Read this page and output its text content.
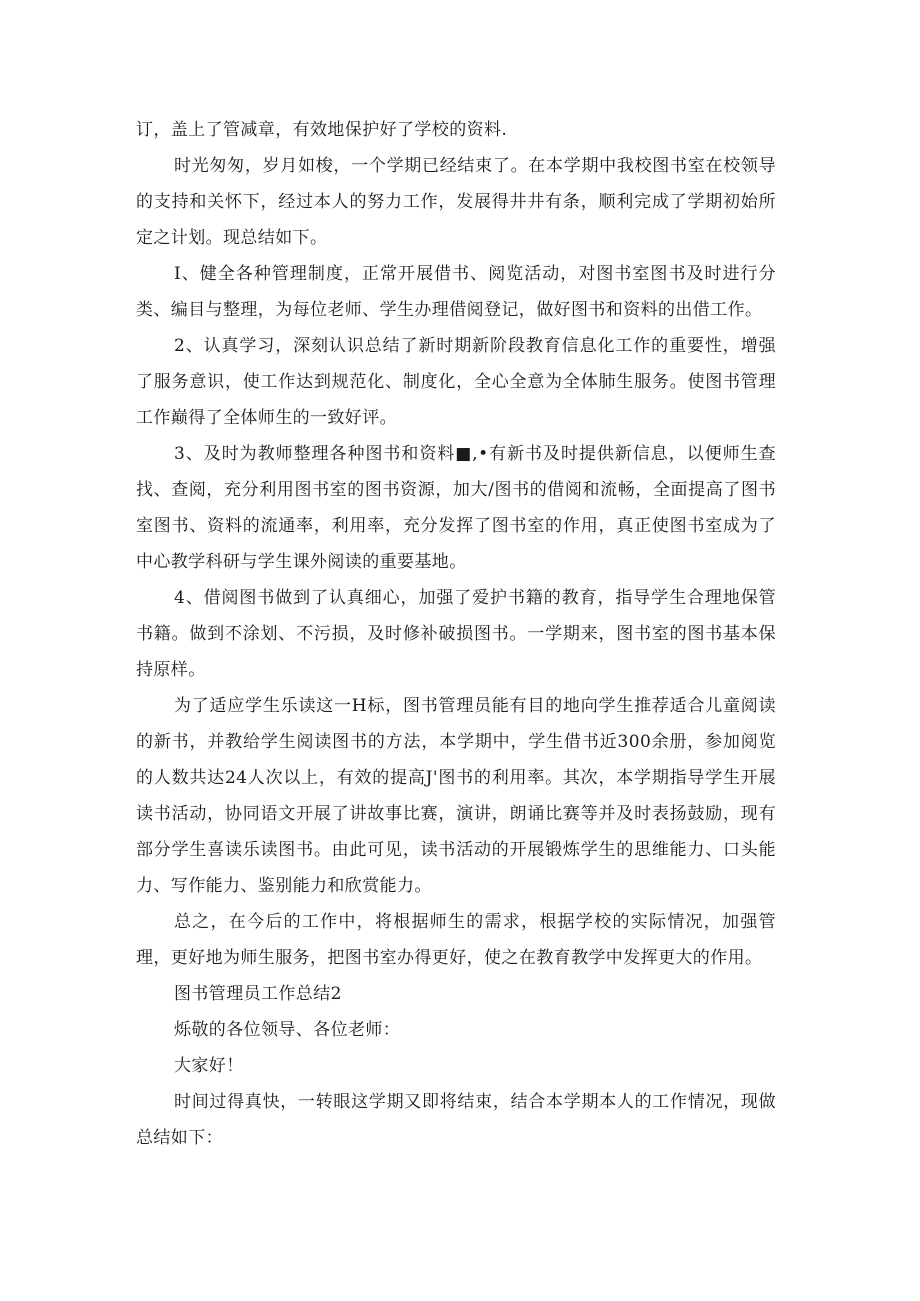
订，盖上了管减章，有效地保护好了学校的资料.

时光匆匆，岁月如梭，一个学期已经结束了。在本学期中我校图书室在校领导的支持和关怀下，经过本人的努力工作，发展得井井有条，顺利完成了学期初始所定之计划。现总结如下。

I、健全各种管理制度，正常开展借书、阅览活动，对图书室图书及时进行分类、编目与整理，为每位老师、学生办理借阅登记，做好图书和资料的出借工作。

2、认真学习，深刻认识总结了新时期新阶段教育信息化工作的重要性，增强了服务意识，使工作达到规范化、制度化，全心全意为全体肺生服务。使图书管理工作巅得了全体师生的一致好评。

3、及时为教师整理各种图书和资料■,•有新书及时提供新信息，以便师生查找、查阅，充分利用图书室的图书资源，加大/图书的借阅和流畅，全面提高了图书室图书、资料的流通率，利用率，充分发挥了图书室的作用，真正使图书室成为了中心教学科研与学生课外阅读的重要基地。

4、借阅图书做到了认真细心，加强了爱护书籍的教育，指导学生合理地保管书籍。做到不涂划、不污损，及时修补破损图书。一学期来，图书室的图书基本保持原样。

为了适应学生乐读这一H标，图书管理员能有目的地向学生推荐适合儿童阅读的新书，并教给学生阅读图书的方法，本学期中，学生借书近300余册，参加阅览的人数共达24人次以上，有效的提高J'图书的利用率。其次，本学期指导学生开展读书活动，协同语文开展了讲故事比赛，演讲，朗诵比赛等并及时表扬鼓励，现有部分学生喜读乐读图书。由此可见，读书活动的开展锻炼学生的思维能力、口头能力、写作能力、鉴别能力和欣赏能力。

总之，在今后的工作中，将根据师生的需求，根据学校的实际情况，加强管理，更好地为师生服务，把图书室办得更好，使之在教育教学中发挥更大的作用。

图书管理员工作总结2

烁敬的各位领导、各位老师：

大家好！

时间过得真快，一转眼这学期又即将结束，结合本学期本人的工作情况，现做总结如下：
